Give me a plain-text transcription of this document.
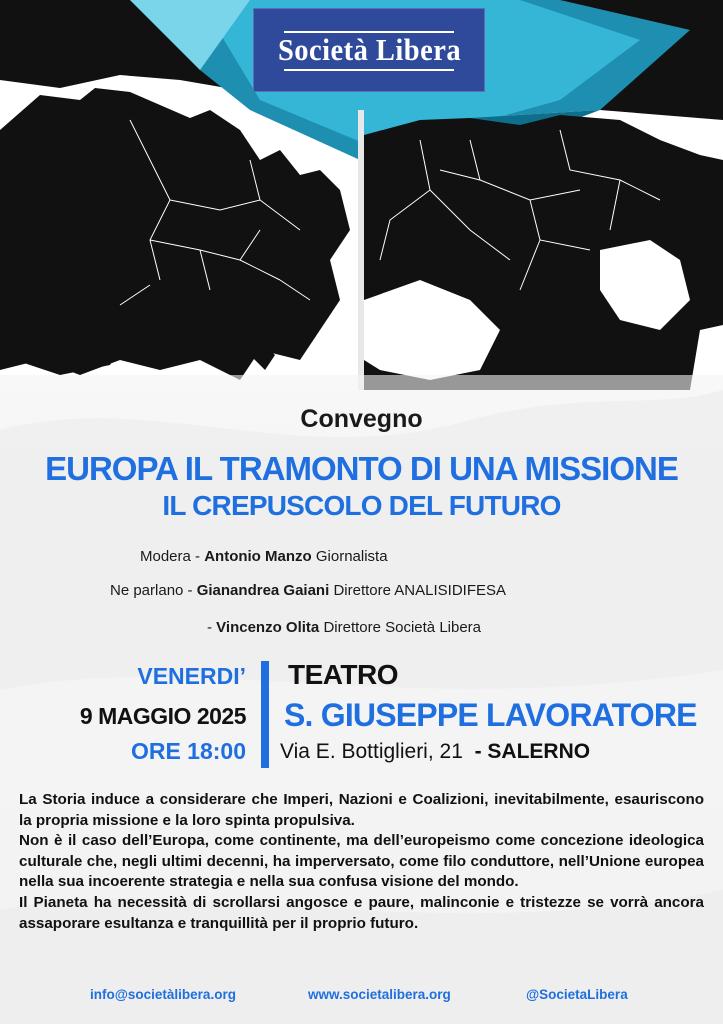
Società Libera
Convegno
EUROPA IL TRAMONTO DI UNA MISSIONE
IL CREPUSCOLO DEL FUTURO
Modera - Antonio Manzo Giornalista
Ne parlano - Gianandrea Gaiani Direttore ANALISIDIFESA
- Vincenzo Olita Direttore Società Libera
VENERDI’
9 MAGGIO 2025
ORE 18:00
TEATRO
S. GIUSEPPE LAVORATORE
Via E. Bottiglieri, 21 - SALERNO

La Storia induce a considerare che Imperi, Nazioni e Coalizioni, inevitabilmente, esauriscono la propria missione e la loro spinta propulsiva.

Non è il caso dell’Europa, come continente, ma dell’europeismo come concezione ideologica culturale che, negli ultimi decenni, ha imperversato, come filo conduttore, nell’Unione europea nella sua incoerente strategia e nella sua confusa visione del mondo.

Il Pianeta ha necessità di scrollarsi angosce e paure, malinconie e tristezze se vorrà ancora assaporare esultanza e tranquillità per il proprio futuro.

info@societàlibera.org	www.societalibera.org	@SocietaLibera
